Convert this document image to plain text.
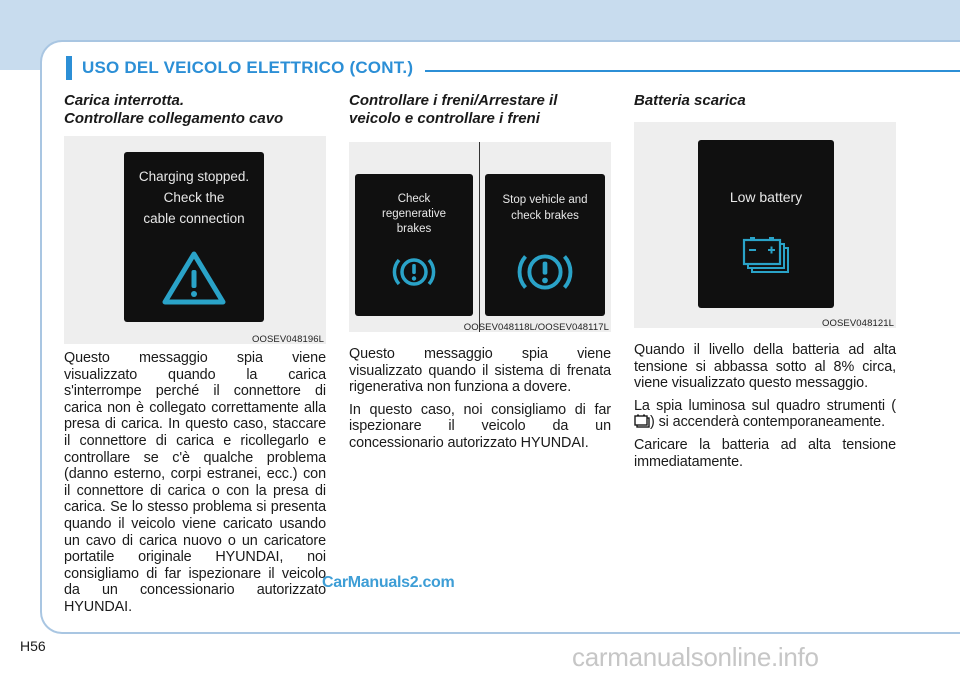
USO DEL VEICOLO ELETTRICO (CONT.)
Carica interrotta.
Controllare collegamento cavo
Charging stopped.
Check the
cable connection
OOSEV048196L

Questo messaggio spia viene visualizzato quando la carica s'interrompe perché il connettore di carica non è collegato correttamente alla presa di carica. In questo caso, staccare il connettore di carica e ricollegarlo e controllare se c'è qualche problema (danno esterno, corpi estranei, ecc.) con il connettore di carica o con la presa di carica. Se lo stesso problema si presenta quando il veicolo viene caricato usando un cavo di carica nuovo o un caricatore portatile originale HYUNDAI, noi consigliamo di far ispezionare il veicolo da un concessionario autorizzato HYUNDAI.

Controllare i freni/Arrestare il
veicolo e controllare i freni
Check
regenerative
brakes
Stop vehicle and
check brakes
OOSEV048118L/OOSEV048117L

Questo messaggio spia viene visualizzato quando il sistema di frenata rigenerativa non funziona a dovere.

In questo caso, noi consigliamo di far ispezionare il veicolo da un concessionario autorizzato HYUNDAI.

Batteria scarica
Low battery
OOSEV048121L

Quando il livello della batteria ad alta tensione si abbassa sotto al 8% circa, viene visualizzato questo messaggio.

La spia luminosa sul quadro strumenti () si accenderà contemporaneamente.

Caricare la batteria ad alta tensione immediatamente.

H56
CarManuals2.com
carmanualsonline.info
